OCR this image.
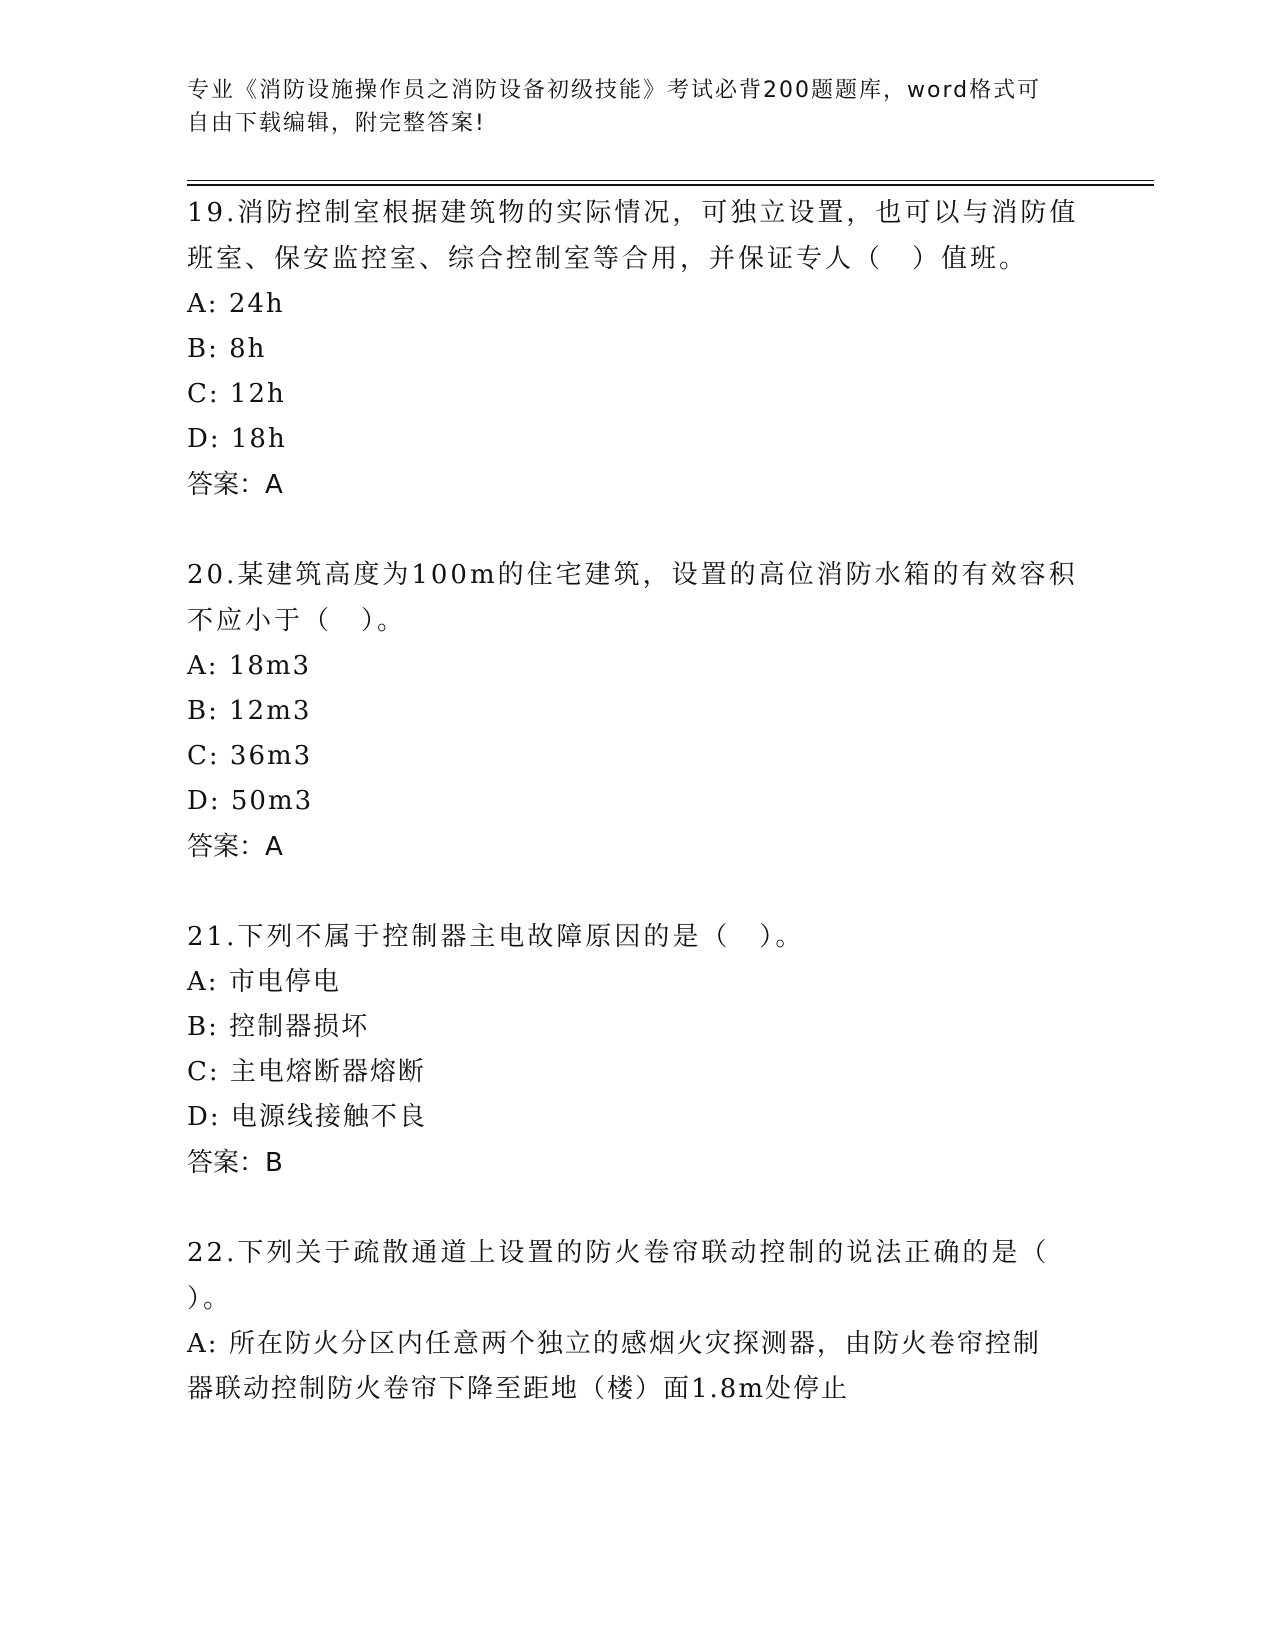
专业《消防设施操作员之消防设备初级技能》考试必背200题题库，word格式可
自由下载编辑，附完整答案!
19.消防控制室根据建筑物的实际情况，可独立设置，也可以与消防值
班室、保安监控室、综合控制室等合用，并保证专人（　）值班。
A: 24h
B: 8h
C: 12h
D: 18h
答案：A
20.某建筑高度为100m的住宅建筑，设置的高位消防水箱的有效容积
不应小于（　）。
A: 18m3
B: 12m3
C: 36m3
D: 50m3
答案：A
21.下列不属于控制器主电故障原因的是（　）。
A: 市电停电
B: 控制器损坏
C: 主电熔断器熔断
D: 电源线接触不良
答案：B
22.下列关于疏散通道上设置的防火卷帘联动控制的说法正确的是（
）。
A: 所在防火分区内任意两个独立的感烟火灾探测器，由防火卷帘控制
器联动控制防火卷帘下降至距地（楼）面1.8m处停止
